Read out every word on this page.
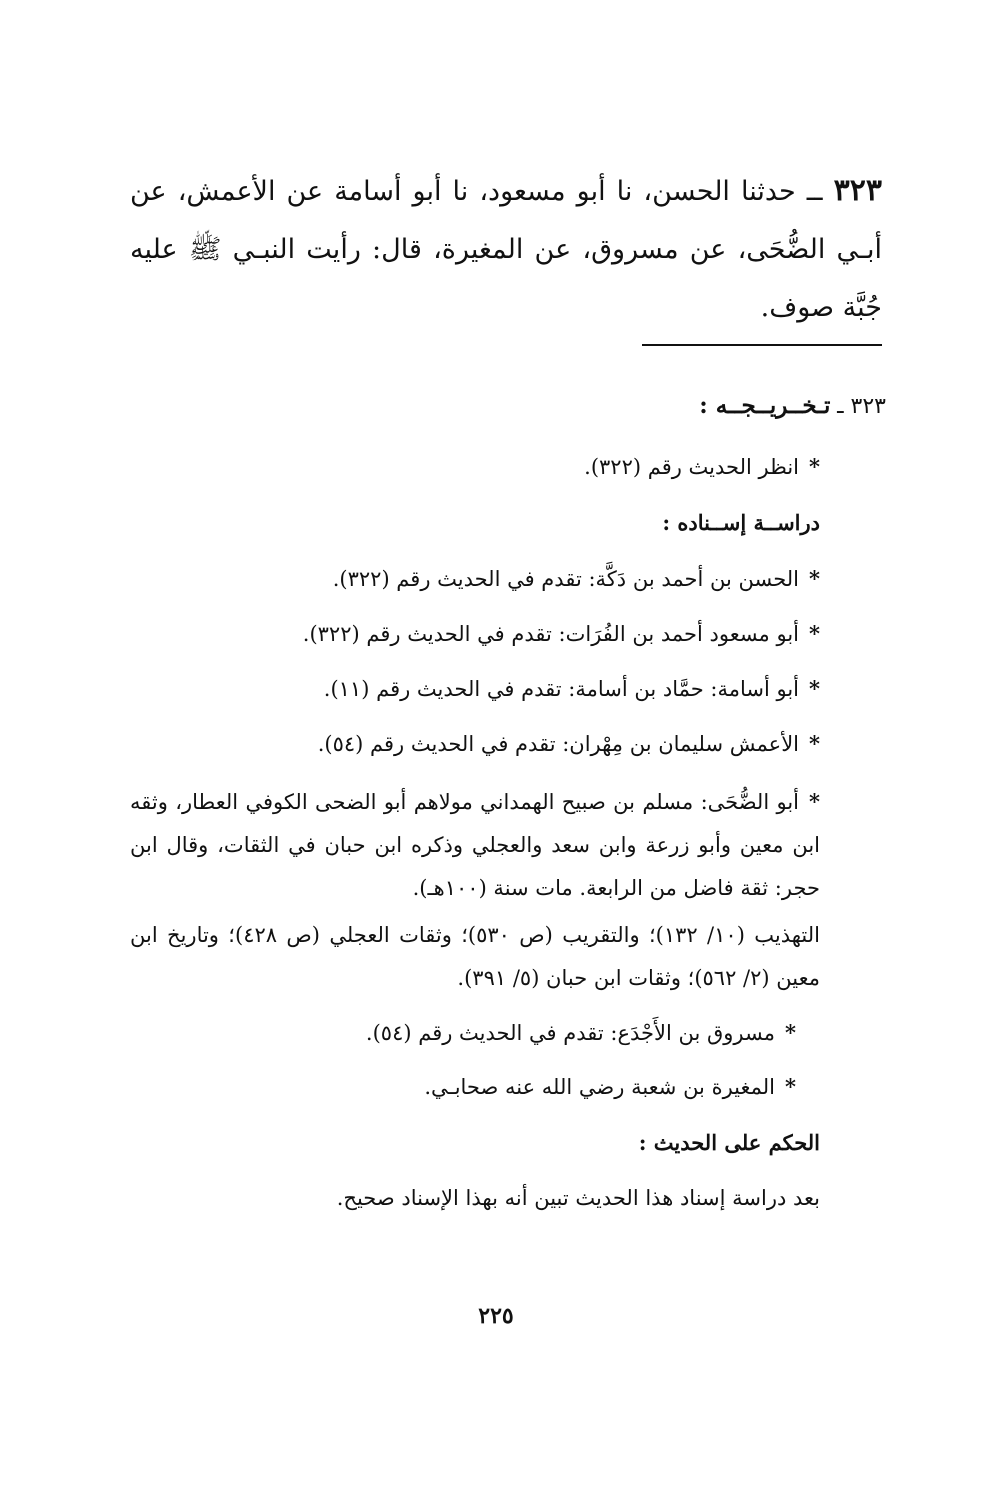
٣٢٣ ــ حدثنا الحسن، نا أبو مسعود، نا أبو أسامة عن الأعمش، عن أبـي الضُّحَى، عن مسروق، عن المغيرة، قال: رأيت النبـي ﷺ عليه جُبَّة صوف.
٣٢٣ ـ تـخــريــجــه :
*انظر الحديث رقم (٣٢٢).
دراســة إســناده :
*الحسن بن أحمد بن دَكَّة: تقدم في الحديث رقم (٣٢٢).
*أبو مسعود أحمد بن الفُرَات: تقدم في الحديث رقم (٣٢٢).
*أبو أسامة: حمَّاد بن أسامة: تقدم في الحديث رقم (١١).
*الأعمش سليمان بن مِهْران: تقدم في الحديث رقم (٥٤).
*أبو الضُّحَى: مسلم بن صبيح الهمداني مولاهم أبو الضحى الكوفي العطار، وثقه ابن معين وأبو زرعة وابن سعد والعجلي وذكره ابن حبان في الثقات، وقال ابن حجر: ثقة فاضل من الرابعة. مات سنة (١٠٠هـ).
التهذيب (١٠/ ١٣٢)؛ والتقريب (ص ٥٣٠)؛ وثقات العجلي (ص ٤٢٨)؛ وتاريخ ابن معين (٢/ ٥٦٢)؛ وثقات ابن حبان (٥/ ٣٩١).
*مسروق بن الأَجْدَع: تقدم في الحديث رقم (٥٤).
*المغيرة بن شعبة رضي الله عنه صحابـي.
الحكم على الحديث :
بعد دراسة إسناد هذا الحديث تبين أنه بهذا الإسناد صحيح.
٢٢٥
